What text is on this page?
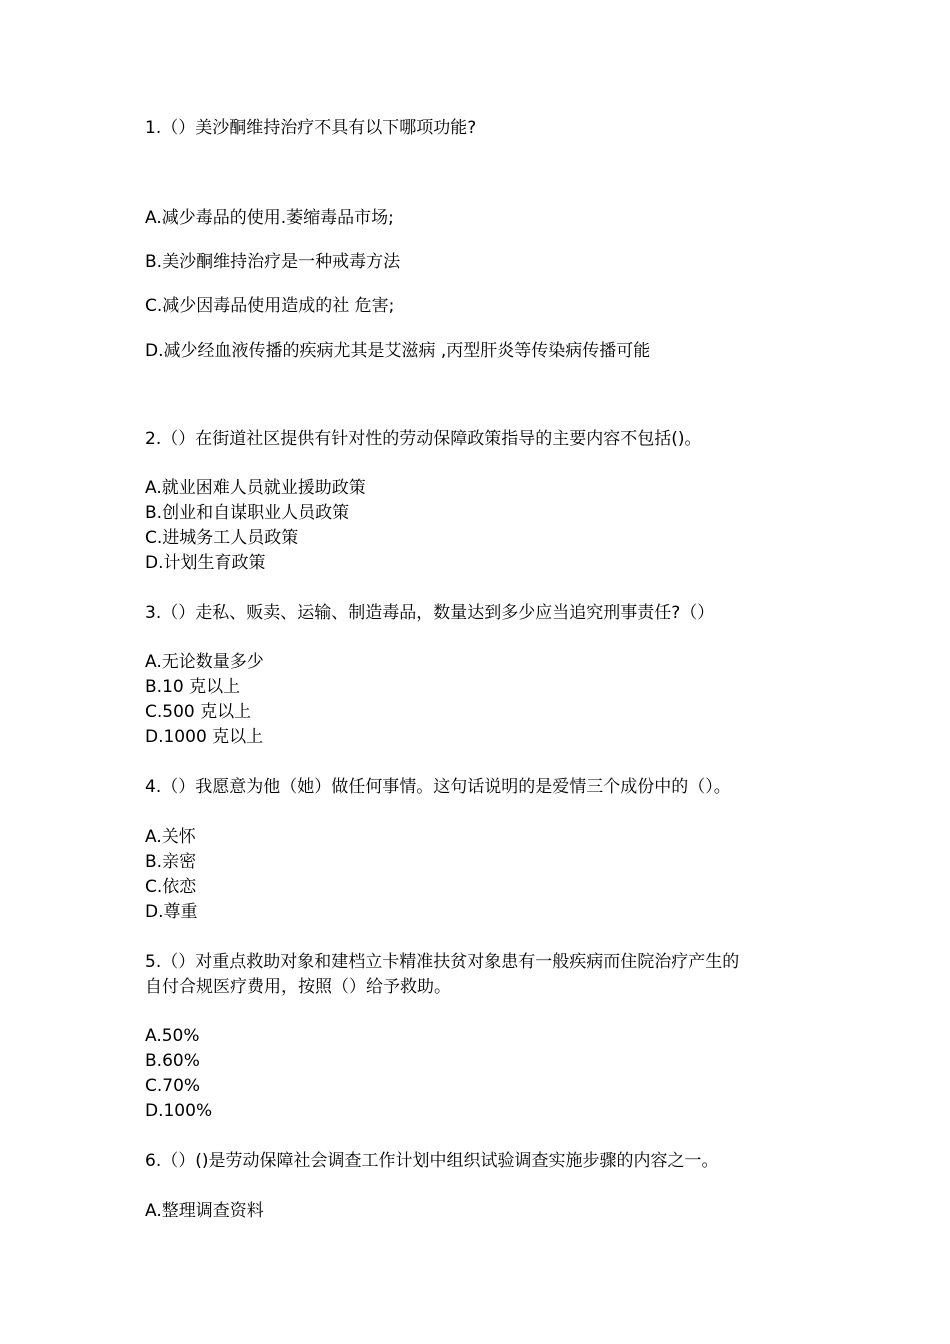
1.（）美沙酮维持治疗不具有以下哪项功能?
A.减少毒品的使用.萎缩毒品市场;
B.美沙酮维持治疗是一种戒毒方法
C.减少因毒品使用造成的社 危害;
D.减少经血液传播的疾病尤其是艾滋病 ,丙型肝炎等传染病传播可能
2.（）在街道社区提供有针对性的劳动保障政策指导的主要内容不包括()。
A.就业困难人员就业援助政策
B.创业和自谋职业人员政策
C.进城务工人员政策
D.计划生育政策
3.（）走私、贩卖、运输、制造毒品，数量达到多少应当追究刑事责任?（）
A.无论数量多少
B.10 克以上
C.500 克以上
D.1000 克以上
4.（）我愿意为他（她）做任何事情。这句话说明的是爱情三个成份中的（）。
A.关怀
B.亲密
C.依恋
D.尊重
5.（）对重点救助对象和建档立卡精准扶贫对象患有一般疾病而住院治疗产生的
自付合规医疗费用，按照（）给予救助。
A.50%
B.60%
C.70%
D.100%
6.（）()是劳动保障社会调查工作计划中组织试验调查实施步骤的内容之一。
A.整理调查资料
